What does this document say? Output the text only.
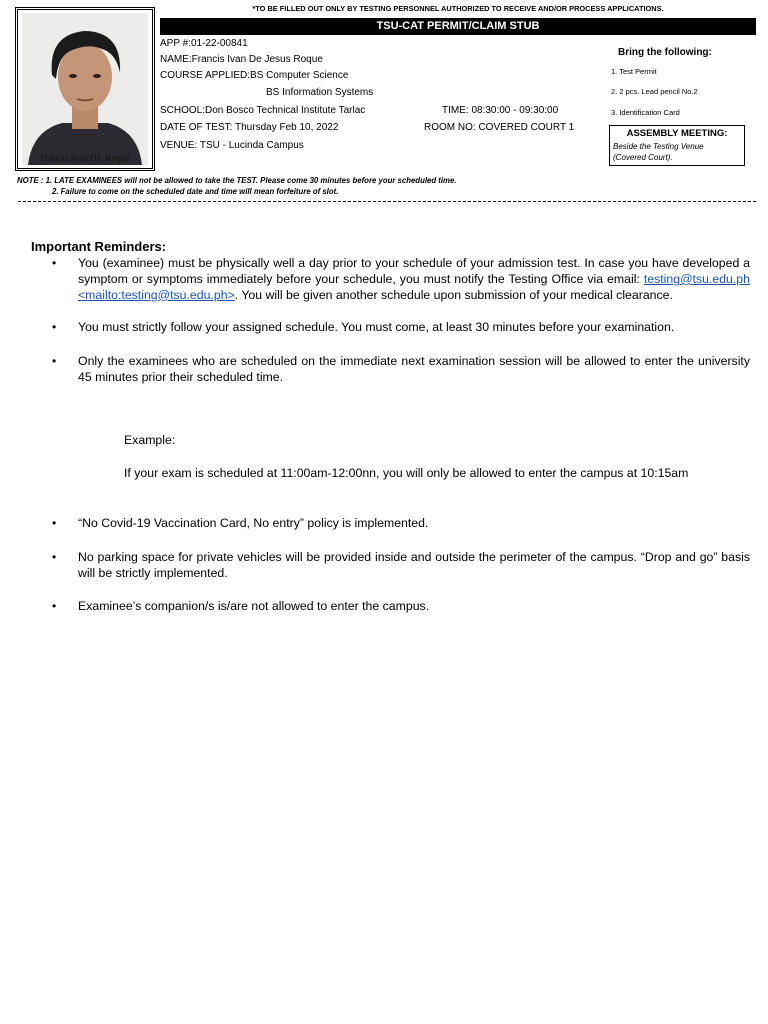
Francis Ivan DJ. Roque
*TO BE FILLED OUT ONLY BY TESTING PERSONNEL AUTHORIZED TO RECEIVE AND/OR PROCESS APPLICATIONS.
TSU-CAT PERMIT/CLAIM STUB
APP #:01-22-00841
NAME:Francis Ivan De Jesus Roque
COURSE APPLIED:BS Computer Science
BS Information Systems
SCHOOL:Don Bosco Technical Institute Tarlac
DATE OF TEST: Thursday Feb 10, 2022
VENUE: TSU - Lucinda Campus
TIME: 08:30:00 - 09:30:00
ROOM NO: COVERED COURT 1
Bring the following:
1. Test Permit
2. 2 pcs. Lead pencil No.2
3. Identification Card
ASSEMBLY MEETING:
Beside the Testing Venue
(Covered Court).
NOTE : 1. LATE EXAMINEES will not be allowed to take the TEST. Please come 30 minutes before your scheduled time.
2. Failure to come on the scheduled date and time will mean forfeiture of slot.
Important Reminders:
• You (examinee) must be physically well a day prior to your schedule of your admission test. In case you have developed a symptom or symptoms immediately before your schedule, you must notify the Testing Office via email: testing@tsu.edu.ph <mailto:testing@tsu.edu.ph>. You will be given another schedule upon submission of your medical clearance.
• You must strictly follow your assigned schedule. You must come, at least 30 minutes before your examination.
• Only the examinees who are scheduled on the immediate next examination session will be allowed to enter the university 45 minutes prior their scheduled time.
Example:
If your exam is scheduled at 11:00am-12:00nn, you will only be allowed to enter the campus at 10:15am
• “No Covid-19 Vaccination Card, No entry” policy is implemented.
• No parking space for private vehicles will be provided inside and outside the perimeter of the campus. “Drop and go” basis will be strictly implemented.
• Examinee’s companion/s is/are not allowed to enter the campus.
